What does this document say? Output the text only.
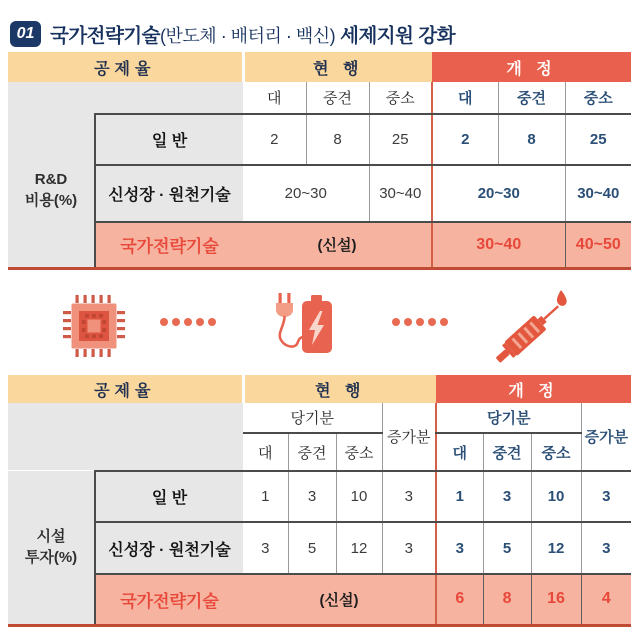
01 국가전략기술(반도체 · 배터리 · 백신) 세제지원 강화
공제율		현 행			개 정		
		대	중견	중소	대	중견	중소
R&D
비용(%)	일 반	2	8	25	2	8	25
	신성장 · 원천기술	20~30		30~40	20~30		30~40
	국가전략기술	(신설)			30~40		40~50
공제율		현 행				개 정			
		당기분			증가분	당기분			증가분
		대	중견	중소		대	중견	중소	
시설
투자(%)	일 반	1	3	10	3	1	3	10	3
	신성장 · 원천기술	3	5	12	3	3	5	12	3
	국가전략기술	(신설)				6	8	16	4
